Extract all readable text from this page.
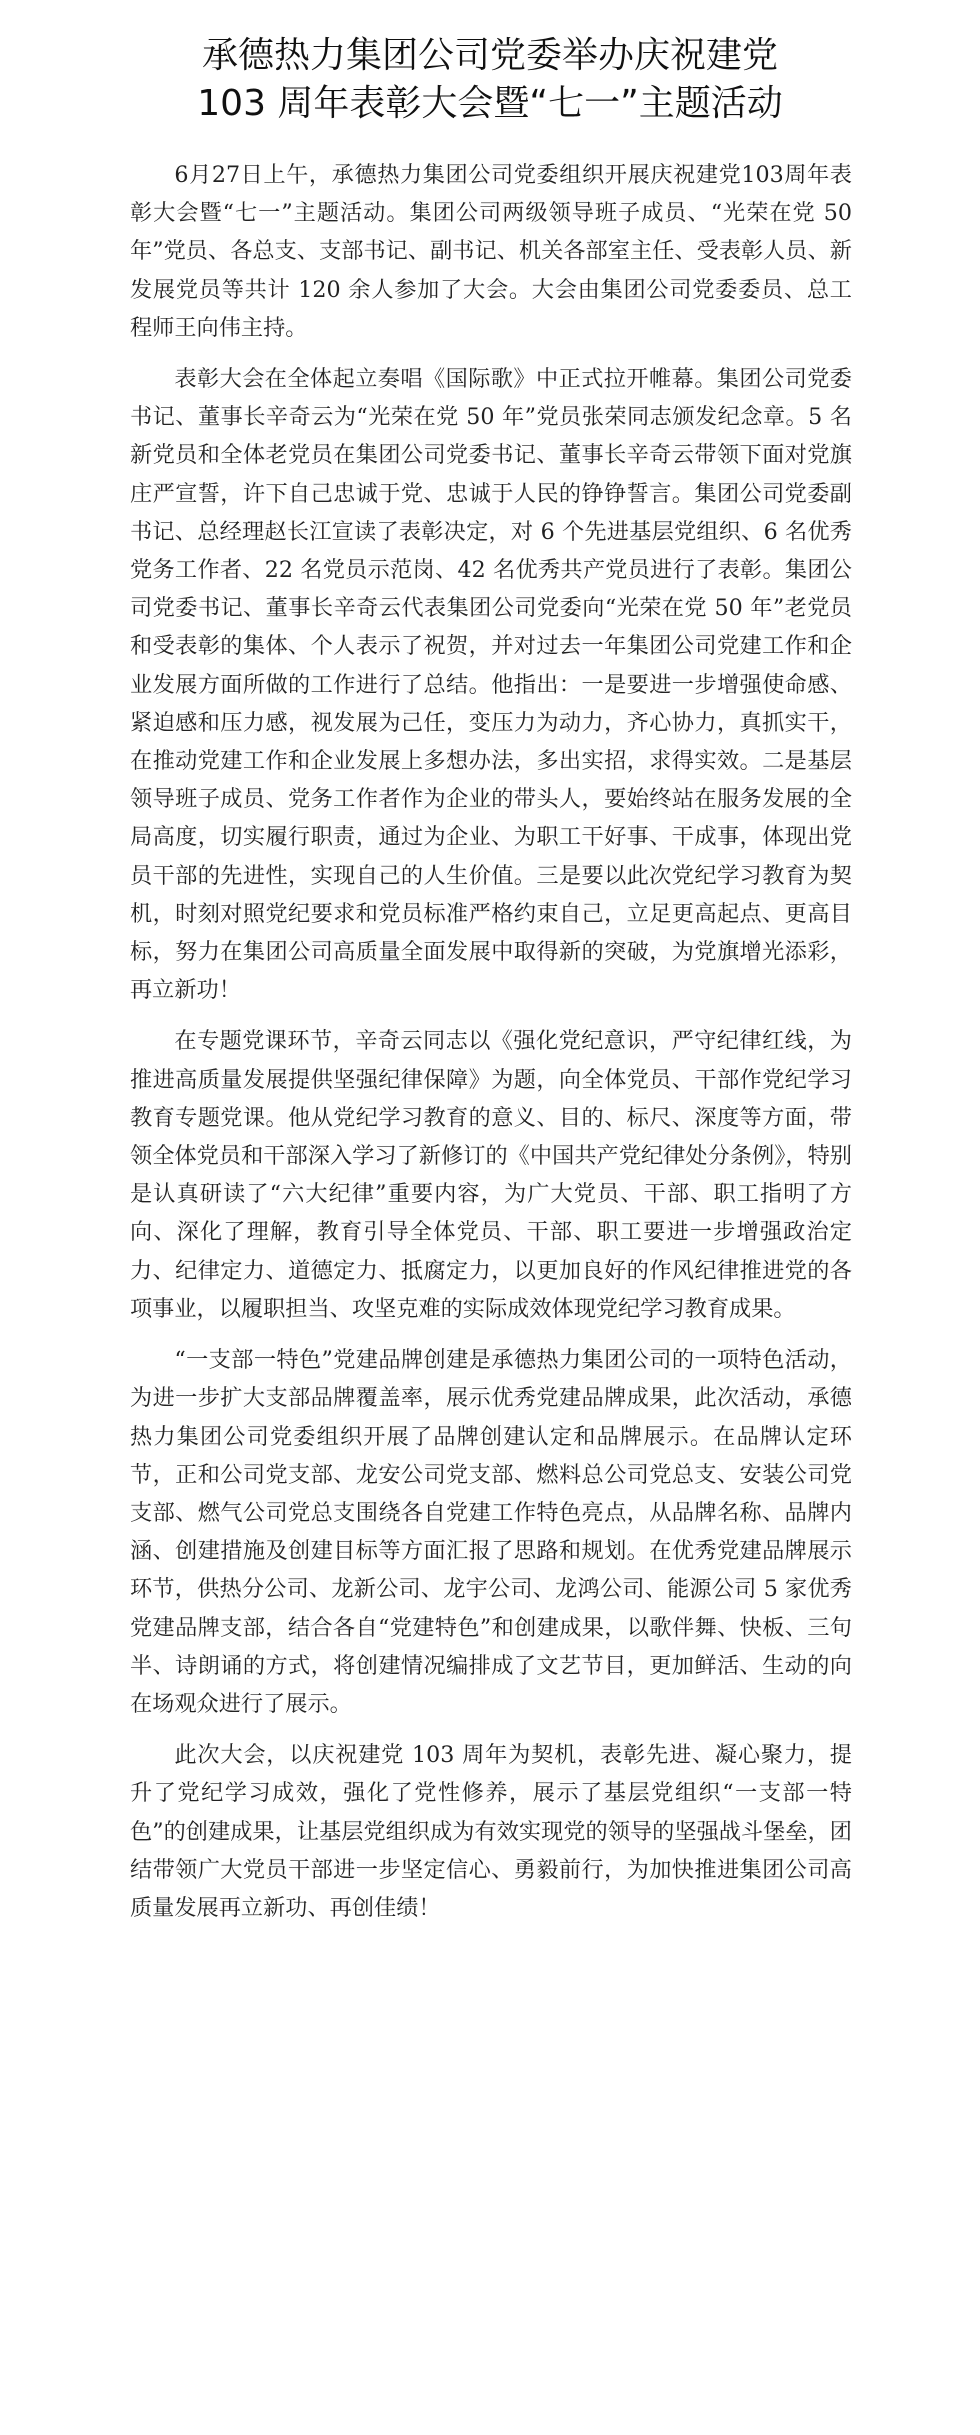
承德热力集团公司党委举办庆祝建党
103 周年表彰大会暨“七一”主题活动

6月27日上午，承德热力集团公司党委组织开展庆祝建党103周年表彰大会暨“七一”主题活动。集团公司两级领导班子成员、“光荣在党 50 年”党员、各总支、支部书记、副书记、机关各部室主任、受表彰人员、新发展党员等共计 120 余人参加了大会。大会由集团公司党委委员、总工程师王向伟主持。

表彰大会在全体起立奏唱《国际歌》中正式拉开帷幕。集团公司党委书记、董事长辛奇云为“光荣在党 50 年”党员张荣同志颁发纪念章。5 名新党员和全体老党员在集团公司党委书记、董事长辛奇云带领下面对党旗庄严宣誓，许下自己忠诚于党、忠诚于人民的铮铮誓言。集团公司党委副书记、总经理赵长江宣读了表彰决定，对 6 个先进基层党组织、6 名优秀党务工作者、22 名党员示范岗、42 名优秀共产党员进行了表彰。集团公司党委书记、董事长辛奇云代表集团公司党委向“光荣在党 50 年”老党员和受表彰的集体、个人表示了祝贺，并对过去一年集团公司党建工作和企业发展方面所做的工作进行了总结。他指出：一是要进一步增强使命感、紧迫感和压力感，视发展为己任，变压力为动力，齐心协力，真抓实干，在推动党建工作和企业发展上多想办法，多出实招，求得实效。二是基层领导班子成员、党务工作者作为企业的带头人，要始终站在服务发展的全局高度，切实履行职责，通过为企业、为职工干好事、干成事，体现出党员干部的先进性，实现自己的人生价值。三是要以此次党纪学习教育为契机，时刻对照党纪要求和党员标准严格约束自己，立足更高起点、更高目标，努力在集团公司高质量全面发展中取得新的突破，为党旗增光添彩，再立新功！

在专题党课环节，辛奇云同志以《强化党纪意识，严守纪律红线，为推进高质量发展提供坚强纪律保障》为题，向全体党员、干部作党纪学习教育专题党课。他从党纪学习教育的意义、目的、标尺、深度等方面，带领全体党员和干部深入学习了新修订的《中国共产党纪律处分条例》，特别是认真研读了“六大纪律”重要内容，为广大党员、干部、职工指明了方向、深化了理解，教育引导全体党员、干部、职工要进一步增强政治定力、纪律定力、道德定力、抵腐定力，以更加良好的作风纪律推进党的各项事业，以履职担当、攻坚克难的实际成效体现党纪学习教育成果。

“一支部一特色”党建品牌创建是承德热力集团公司的一项特色活动，为进一步扩大支部品牌覆盖率，展示优秀党建品牌成果，此次活动，承德热力集团公司党委组织开展了品牌创建认定和品牌展示。在品牌认定环节，正和公司党支部、龙安公司党支部、燃料总公司党总支、安装公司党支部、燃气公司党总支围绕各自党建工作特色亮点，从品牌名称、品牌内涵、创建措施及创建目标等方面汇报了思路和规划。在优秀党建品牌展示环节，供热分公司、龙新公司、龙宇公司、龙鸿公司、能源公司 5 家优秀党建品牌支部，结合各自“党建特色”和创建成果，以歌伴舞、快板、三句半、诗朗诵的方式，将创建情况编排成了文艺节目，更加鲜活、生动的向在场观众进行了展示。

此次大会，以庆祝建党 103 周年为契机，表彰先进、凝心聚力，提升了党纪学习成效，强化了党性修养，展示了基层党组织“一支部一特色”的创建成果，让基层党组织成为有效实现党的领导的坚强战斗堡垒，团结带领广大党员干部进一步坚定信心、勇毅前行，为加快推进集团公司高质量发展再立新功、再创佳绩！
